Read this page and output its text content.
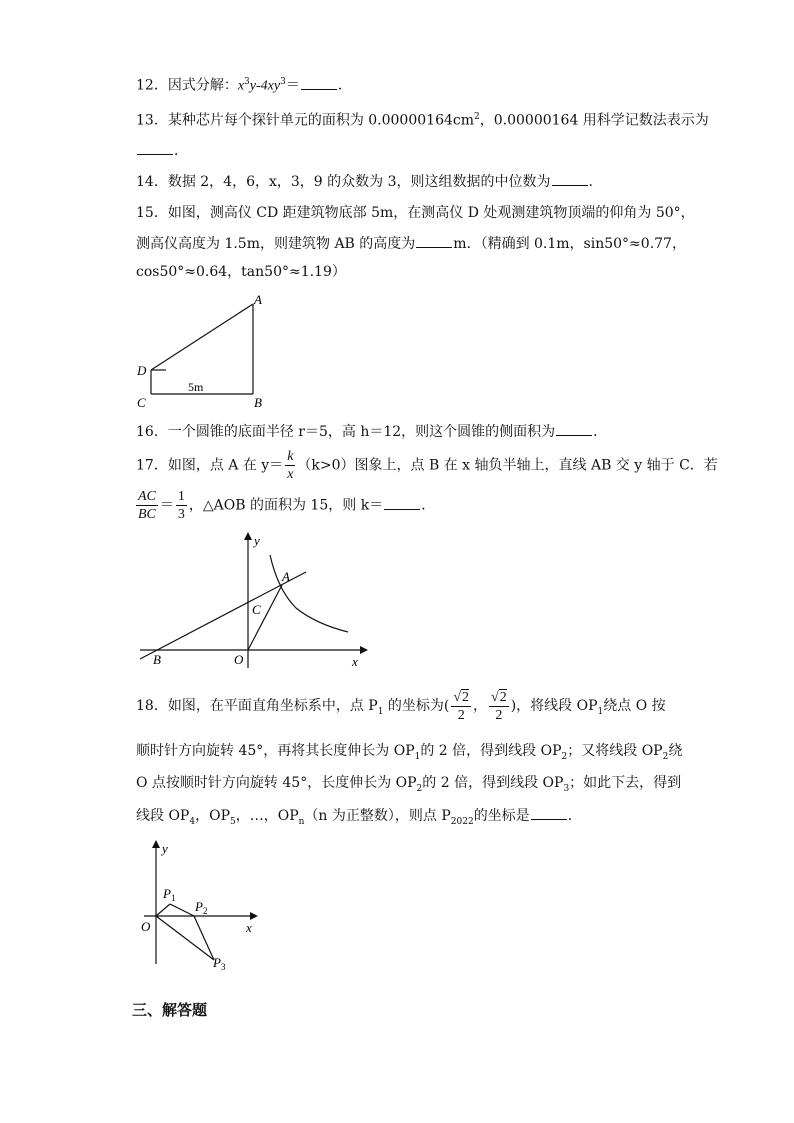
12．因式分解：$x^3y-4xy^3=$	．
13．某种芯片每个探针单元的面积为 $0.00000164cm^2$，0.00000164 用科学记数法表示为
．
14．数据 2，4，6，x，3，9 的众数为 3，则这组数据的中位数为	．
15．如图，测高仪 CD 距建筑物底部 5m，在测高仪 D 处观测建筑物顶端的仰角为 50°，
测高仪高度为 1.5m，则建筑物 AB 的高度为	m．（精确到 0.1m，sin50°≈0.77，
cos50°≈0.64，tan50°≈1.19）
A
B
C
D
5m
16．一个圆锥的底面半径 r＝5，高 h＝12，则这个圆锥的侧面积为	．
17．如图，点 A 在 $y= \frac{k}{x} (k>0)$图象上，点 B 在 x 轴负半轴上，直线 AB 交 y 轴于 C．若
$\frac{AC}{BC} = \frac{1}{3}$ ，△AOB 的面积为 15，则 k＝	．
y
x
A
B
C
O
18．如图，在平面直角坐标系中，点 $P_1$ 的坐标为( $\frac{√2}{2}$ ， $\frac{√2}{2}$ )，将线段 $OP_1$绕点 O 按
顺时针方向旋转 45°，再将其长度伸长为 $OP_1$的 2 倍，得到线段 $OP_2$；又将线段 $OP_2$绕
O 点按顺时针方向旋转 45°，长度伸长为 $OP_2$的 2 倍，得到线段 $OP_3$；如此下去，得到
线段 $OP_4$，$OP_5$，…，$OP_n(n$ 为正整数），则点 $P_{2022}$的坐标是	．
y
x
O
$P_1$
$P_2$
$P_3$
三、解答题
